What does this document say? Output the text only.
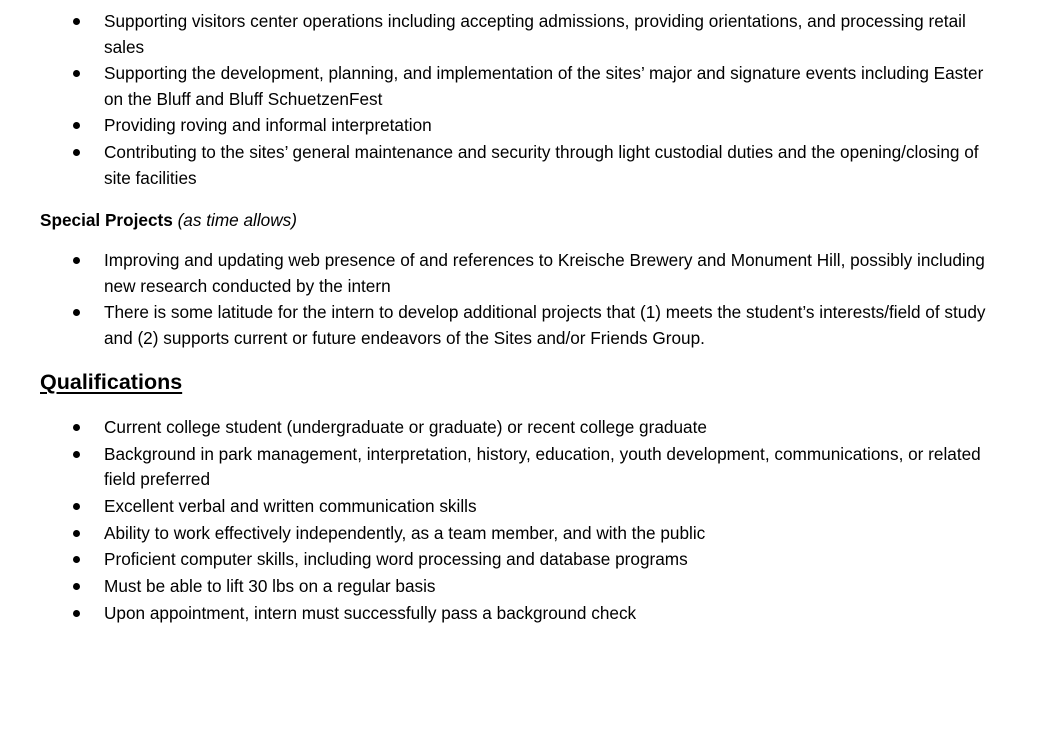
Supporting visitors center operations including accepting admissions, providing orientations, and processing retail sales
Supporting the development, planning, and implementation of the sites’ major and signature events including Easter on the Bluff and Bluff SchuetzenFest
Providing roving and informal interpretation
Contributing to the sites’ general maintenance and security through light custodial duties and the opening/closing of site facilities
Special Projects (as time allows)
Improving and updating web presence of and references to Kreische Brewery and Monument Hill, possibly including new research conducted by the intern
There is some latitude for the intern to develop additional projects that (1) meets the student’s interests/field of study and (2) supports current or future endeavors of the Sites and/or Friends Group.
Qualifications
Current college student (undergraduate or graduate) or recent college graduate
Background in park management, interpretation, history, education, youth development, communications, or related field preferred
Excellent verbal and written communication skills
Ability to work effectively independently, as a team member, and with the public
Proficient computer skills, including word processing and database programs
Must be able to lift 30 lbs on a regular basis
Upon appointment, intern must successfully pass a background check
